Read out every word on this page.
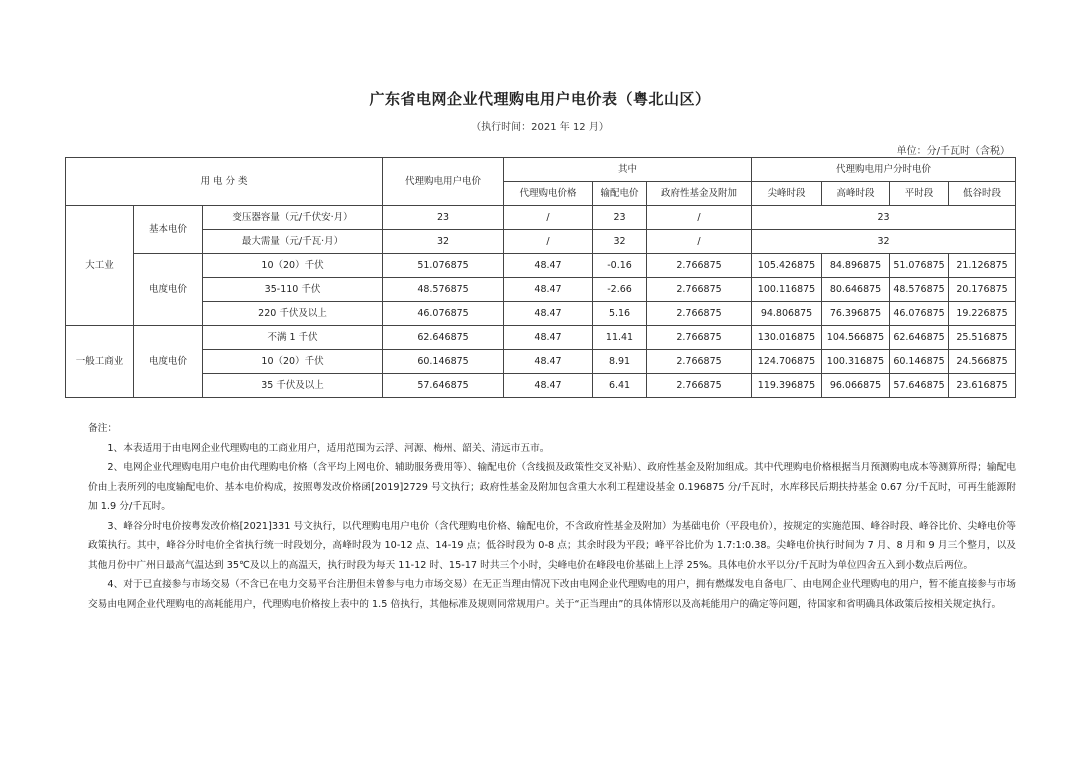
广东省电网企业代理购电用户电价表（粤北山区）
（执行时间：2021 年 12 月）
单位：分/千瓦时（含税）
用 电 分 类			代理购电用户电价	其中			代理购电用户分时电价			
				代理购电价格	输配电价	政府性基金及附加	尖峰时段	高峰时段	平时段	低谷时段
大工业	基本电价	变压器容量（元/千伏安·月）	23	/	23	/	23			
		最大需量（元/千瓦·月）	32	/	32	/	32			
	电度电价	10（20）千伏	51.076875	48.47	-0.16	2.766875	105.426875	84.896875	51.076875	21.126875
		35-110 千伏	48.576875	48.47	-2.66	2.766875	100.116875	80.646875	48.576875	20.176875
		220 千伏及以上	46.076875	48.47	5.16	2.766875	94.806875	76.396875	46.076875	19.226875
一般工商业	电度电价	不满 1 千伏	62.646875	48.47	11.41	2.766875	130.016875	104.566875	62.646875	25.516875
		10（20）千伏	60.146875	48.47	8.91	2.766875	124.706875	100.316875	60.146875	24.566875
		35 千伏及以上	57.646875	48.47	6.41	2.766875	119.396875	96.066875	57.646875	23.616875

备注：

1、本表适用于由电网企业代理购电的工商业用户，适用范围为云浮、河源、梅州、韶关、清远市五市。

2、电网企业代理购电用户电价由代理购电价格（含平均上网电价、辅助服务费用等）、输配电价（含线损及政策性交叉补贴）、政府性基金及附加组成。其中代理购电价格根据当月预测购电成本等测算所得；输配电价由上表所列的电度输配电价、基本电价构成，按照粤发改价格函[2019]2729 号文执行；政府性基金及附加包含重大水利工程建设基金 0.196875 分/千瓦时，水库移民后期扶持基金 0.67 分/千瓦时，可再生能源附加 1.9 分/千瓦时。

3、峰谷分时电价按粤发改价格[2021]331 号文执行，以代理购电用户电价（含代理购电价格、输配电价，不含政府性基金及附加）为基础电价（平段电价），按规定的实施范围、峰谷时段、峰谷比价、尖峰电价等政策执行。其中，峰谷分时电价全省执行统一时段划分，高峰时段为 10-12 点、14-19 点；低谷时段为 0-8 点；其余时段为平段；峰平谷比价为 1.7:1:0.38。尖峰电价执行时间为 7 月、8 月和 9 月三个整月，以及其他月份中广州日最高气温达到 35℃及以上的高温天，执行时段为每天 11-12 时、15-17 时共三个小时，尖峰电价在峰段电价基础上上浮 25%。具体电价水平以分/千瓦时为单位四舍五入到小数点后两位。

4、对于已直接参与市场交易（不含已在电力交易平台注册但未曾参与电力市场交易）在无正当理由情况下改由电网企业代理购电的用户，拥有燃煤发电自备电厂、由电网企业代理购电的用户，暂不能直接参与市场交易由电网企业代理购电的高耗能用户，代理购电价格按上表中的 1.5 倍执行，其他标准及规则同常规用户。关于“正当理由”的具体情形以及高耗能用户的确定等问题，待国家和省明确具体政策后按相关规定执行。
